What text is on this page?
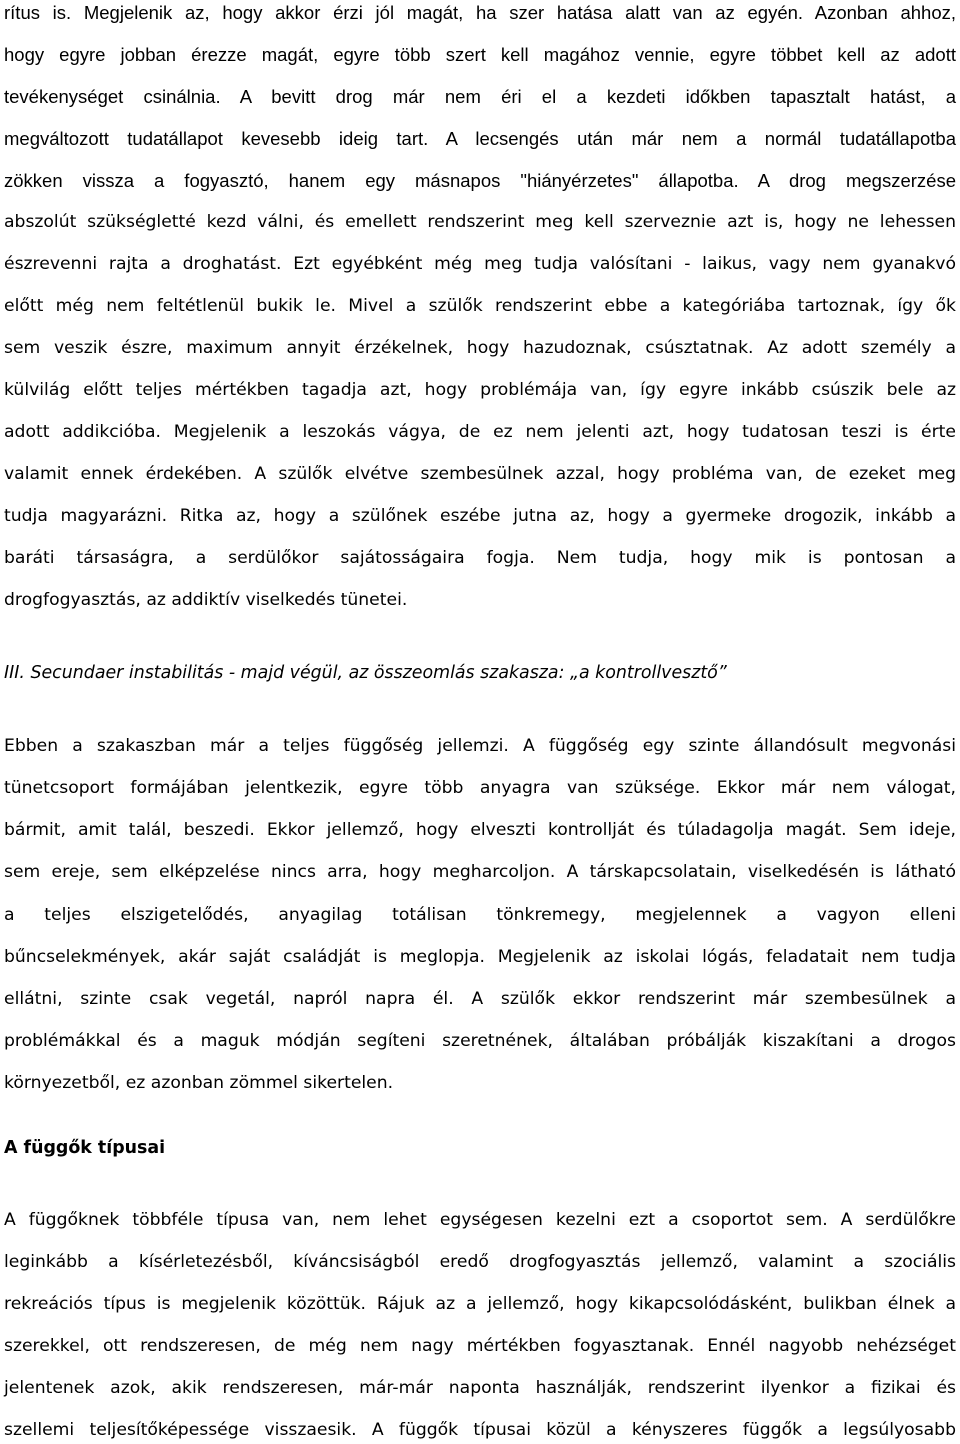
rítus is. Megjelenik az, hogy akkor érzi jól magát, ha szer hatása alatt van az egyén. Azonban ahhoz,
hogy egyre jobban érezze magát, egyre több szert kell magához vennie, egyre többet kell az adott
tevékenységet csinálnia. A bevitt drog már nem éri el a kezdeti időkben tapasztalt hatást, a
megváltozott tudatállapot kevesebb ideig tart. A lecsengés után már nem a normál tudatállapotba
zökken vissza a fogyasztó, hanem egy másnapos "hiányérzetes" állapotba. A drog megszerzése
abszolút szükségletté kezd válni, és emellett rendszerint meg kell szerveznie azt is, hogy ne lehessen
észrevenni rajta a droghatást. Ezt egyébként még meg tudja valósítani - laikus, vagy nem gyanakvó
előtt még nem feltétlenül bukik le. Mivel a szülők rendszerint ebbe a kategóriába tartoznak, így ők
sem veszik észre, maximum annyit érzékelnek, hogy hazudoznak, csúsztatnak. Az adott személy a
külvilág előtt teljes mértékben tagadja azt, hogy problémája van, így egyre inkább csúszik bele az
adott addikcióba. Megjelenik a leszokás vágya, de ez nem jelenti azt, hogy tudatosan teszi is érte
valamit ennek érdekében. A szülők elvétve szembesülnek azzal, hogy probléma van, de ezeket meg
tudja magyarázni. Ritka az, hogy a szülőnek eszébe jutna az, hogy a gyermeke drogozik, inkább a
baráti társaságra, a serdülőkor sajátosságaira fogja. Nem tudja, hogy mik is pontosan a
drogfogyasztás, az addiktív viselkedés tünetei.
III. Secundaer instabilitás - majd végül, az összeomlás szakasza: „a kontrollvesztő”
Ebben a szakaszban már a teljes függőség jellemzi. A függőség egy szinte állandósult megvonási
tünetcsoport formájában jelentkezik, egyre több anyagra van szüksége. Ekkor már nem válogat,
bármit, amit talál, beszedi. Ekkor jellemző, hogy elveszti kontrollját és túladagolja magát. Sem ideje,
sem ereje, sem elképzelése nincs arra, hogy megharcoljon. A társkapcsolatain, viselkedésén is látható
a teljes elszigetelődés, anyagilag totálisan tönkremegy, megjelennek a vagyon elleni
bűncselekmények, akár saját családját is meglopja. Megjelenik az iskolai lógás, feladatait nem tudja
ellátni, szinte csak vegetál, napról napra él. A szülők ekkor rendszerint már szembesülnek a
problémákkal és a maguk módján segíteni szeretnének, általában próbálják kiszakítani a drogos
környezetből, ez azonban zömmel sikertelen.
A függők típusai
A függőknek többféle típusa van, nem lehet egységesen kezelni ezt a csoportot sem. A serdülőkre
leginkább a kísérletezésből, kíváncsiságból eredő drogfogyasztás jellemző, valamint a szociális
rekreációs típus is megjelenik közöttük. Rájuk az a jellemző, hogy kikapcsolódásként, bulikban élnek a
szerekkel, ott rendszeresen, de még nem nagy mértékben fogyasztanak. Ennél nagyobb nehézséget
jelentenek azok, akik rendszeresen, már-már naponta használják, rendszerint ilyenkor a fizikai és
szellemi teljesítőképessége visszaesik. A függők típusai közül a kényszeres függők a legsúlyosabb
